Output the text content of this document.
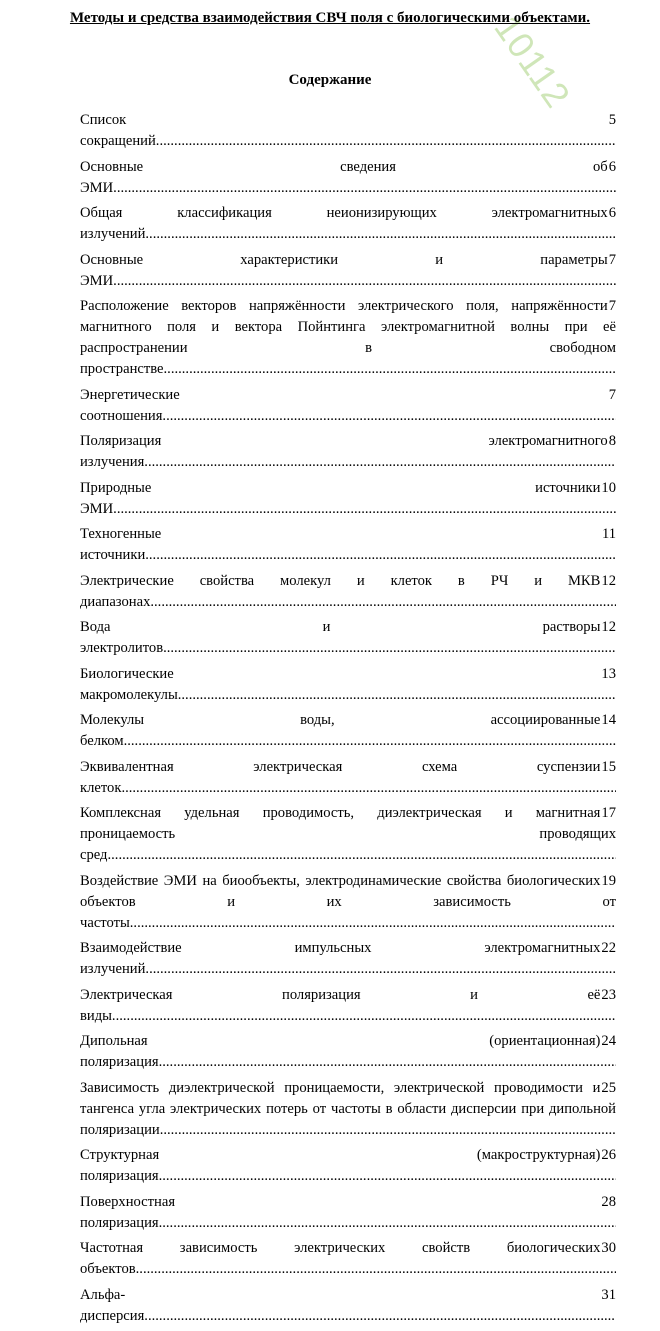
10112
Методы и средства взаимодействия СВЧ поля с биологическими объектами.
Содержание
5
Список сокращений .....
6
Основные сведения об ЭМИ. .....
6
Общая классификация неионизирующих электромагнитных излучений .....
7
Основные характеристики и параметры ЭМИ. .....
7
Расположение векторов напряжённости электрического поля, напряжённости магнитного поля и вектора Пойнтинга электромагнитной волны при её распространении в свободном пространстве. .....
7
Энергетические соотношения. .....
8
Поляризация электромагнитного излучения. .....
10
Природные источники ЭМИ. .....
11
Техногенные источники. .....
12
Электрические свойства молекул и клеток в РЧ и МКВ диапазонах. .....
12
Вода и растворы электролитов. .....
13
Биологические макромолекулы. .....
14
Молекулы воды, ассоциированные белком .....
15
Эквивалентная электрическая схема суспензии клеток .....
17
Комплексная удельная проводимость, диэлектрическая и магнитная проницаемость проводящих сред. .....
19
Воздействие ЭМИ на биообъекты, электродинамические свойства биологических объектов и их зависимость от частоты .....
22
Взаимодействие импульсных электромагнитных излучений. .....
23
Электрическая поляризация и её виды. .....
24
Дипольная (ориентационная) поляризация. .....
25
Зависимость диэлектрической проницаемости, электрической проводимости и тангенса угла электрических потерь от частоты в области дисперсии при дипольной поляризации .....
26
Структурная (макроструктурная) поляризация. .....
28
Поверхностная поляризация. .....
30
Частотная зависимость электрических свойств биологических объектов .....
31
Альфа-дисперсия. .....
